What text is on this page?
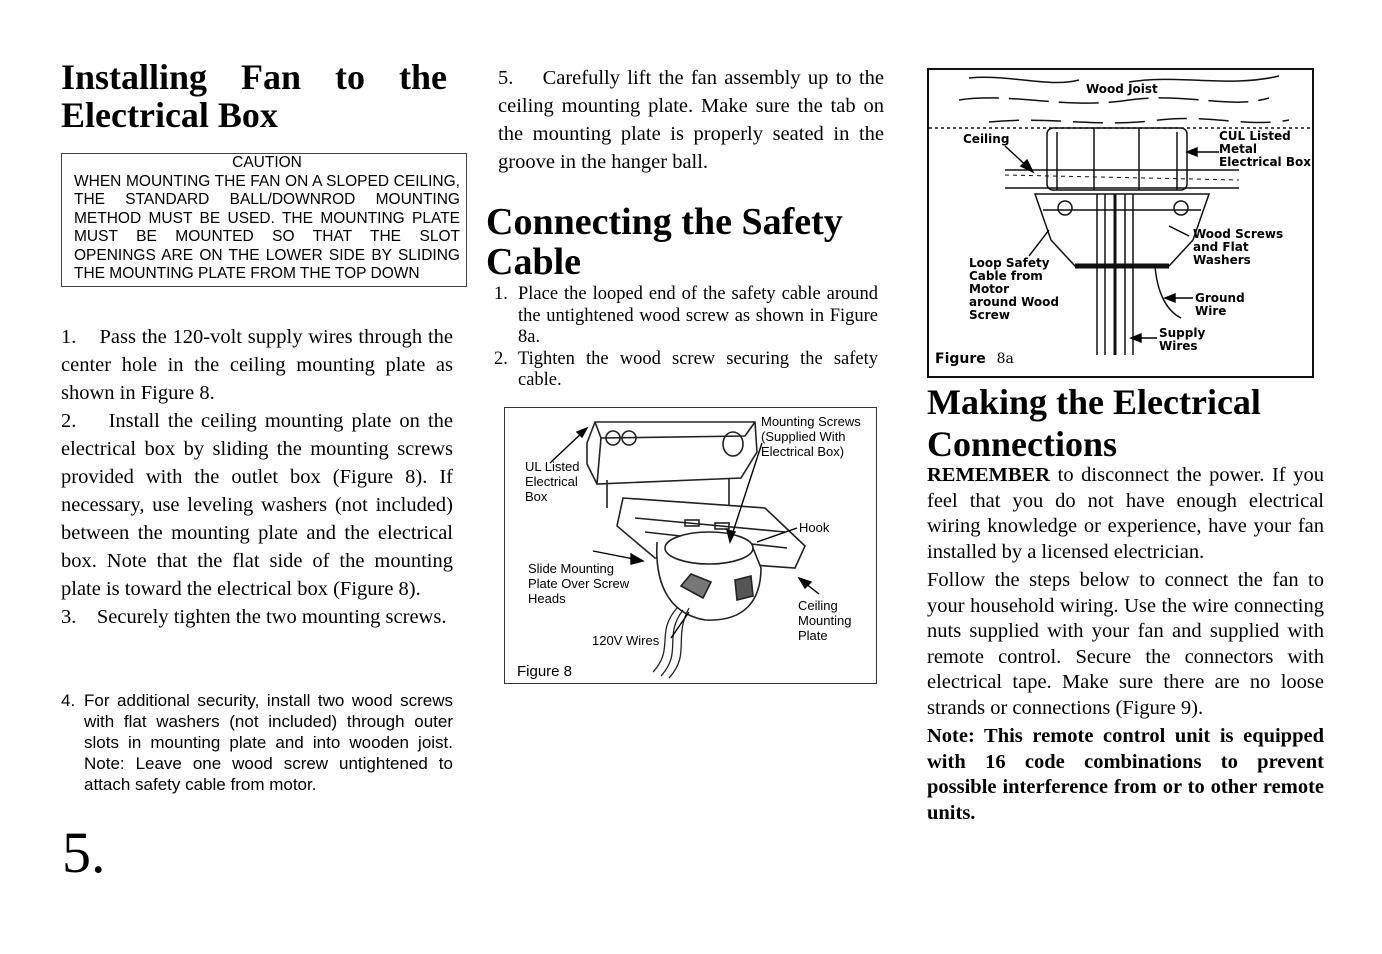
Installing Fan to the Electrical Box
CAUTION
WHEN MOUNTING THE FAN ON A SLOPED CEILING, THE STANDARD BALL/DOWNROD MOUNTING METHOD MUST BE USED. THE MOUNTING PLATE MUST BE MOUNTED SO THAT THE SLOT OPENINGS ARE ON THE LOWER SIDE BY SLIDING THE MOUNTING PLATE FROM THE TOP DOWN
1.    Pass the 120-volt supply wires through the center hole in the ceiling mounting plate as shown in Figure 8.
2.    Install the ceiling mounting plate on the electrical box by sliding the mounting screws provided with the outlet box (Figure 8). If necessary, use leveling washers (not included) between the mounting plate and the electrical box. Note that the flat side of the mounting plate is toward the electrical box (Figure 8).
3.    Securely tighten the two mounting screws.
4. For additional security, install two wood screws with flat washers (not included) through outer slots in mounting plate and into wooden joist. Note: Leave one wood screw untightened to attach safety cable from motor.
5.
5.    Carefully lift the fan assembly up to the ceiling mounting plate. Make sure the tab on the mounting plate is properly seated in the groove in the hanger ball.
Connecting the Safety Cable
1. Place the looped end of the safety cable around the untightened wood screw as shown in Figure 8a.
2. Tighten the wood screw securing the safety cable.
Mounting Screws (Supplied With Electrical Box)
UL Listed Electrical Box
Hook
Slide Mounting Plate Over Screw Heads	Ceiling Mounting Plate
120V Wires
Figure 8
Wood Joist
Ceiling	CUL Listed Metal Electrical Box
Wood Screws and Flat Washers
Loop Safety Cable from Motor around Wood Screw
Ground Wire
Supply Wires
Figure 8a
Making the Electrical Connections
REMEMBER to disconnect the power. If you feel that you do not have enough electrical wiring knowledge or experience, have your fan installed by a licensed electrician.
Follow the steps below to connect the fan to your household wiring. Use the wire connecting nuts supplied with your fan and supplied with remote control. Secure the connectors with electrical tape. Make sure there are no loose strands or connections (Figure 9).
Note: This remote control unit is equipped with 16 code combinations to prevent possible interference from or to other remote units.
